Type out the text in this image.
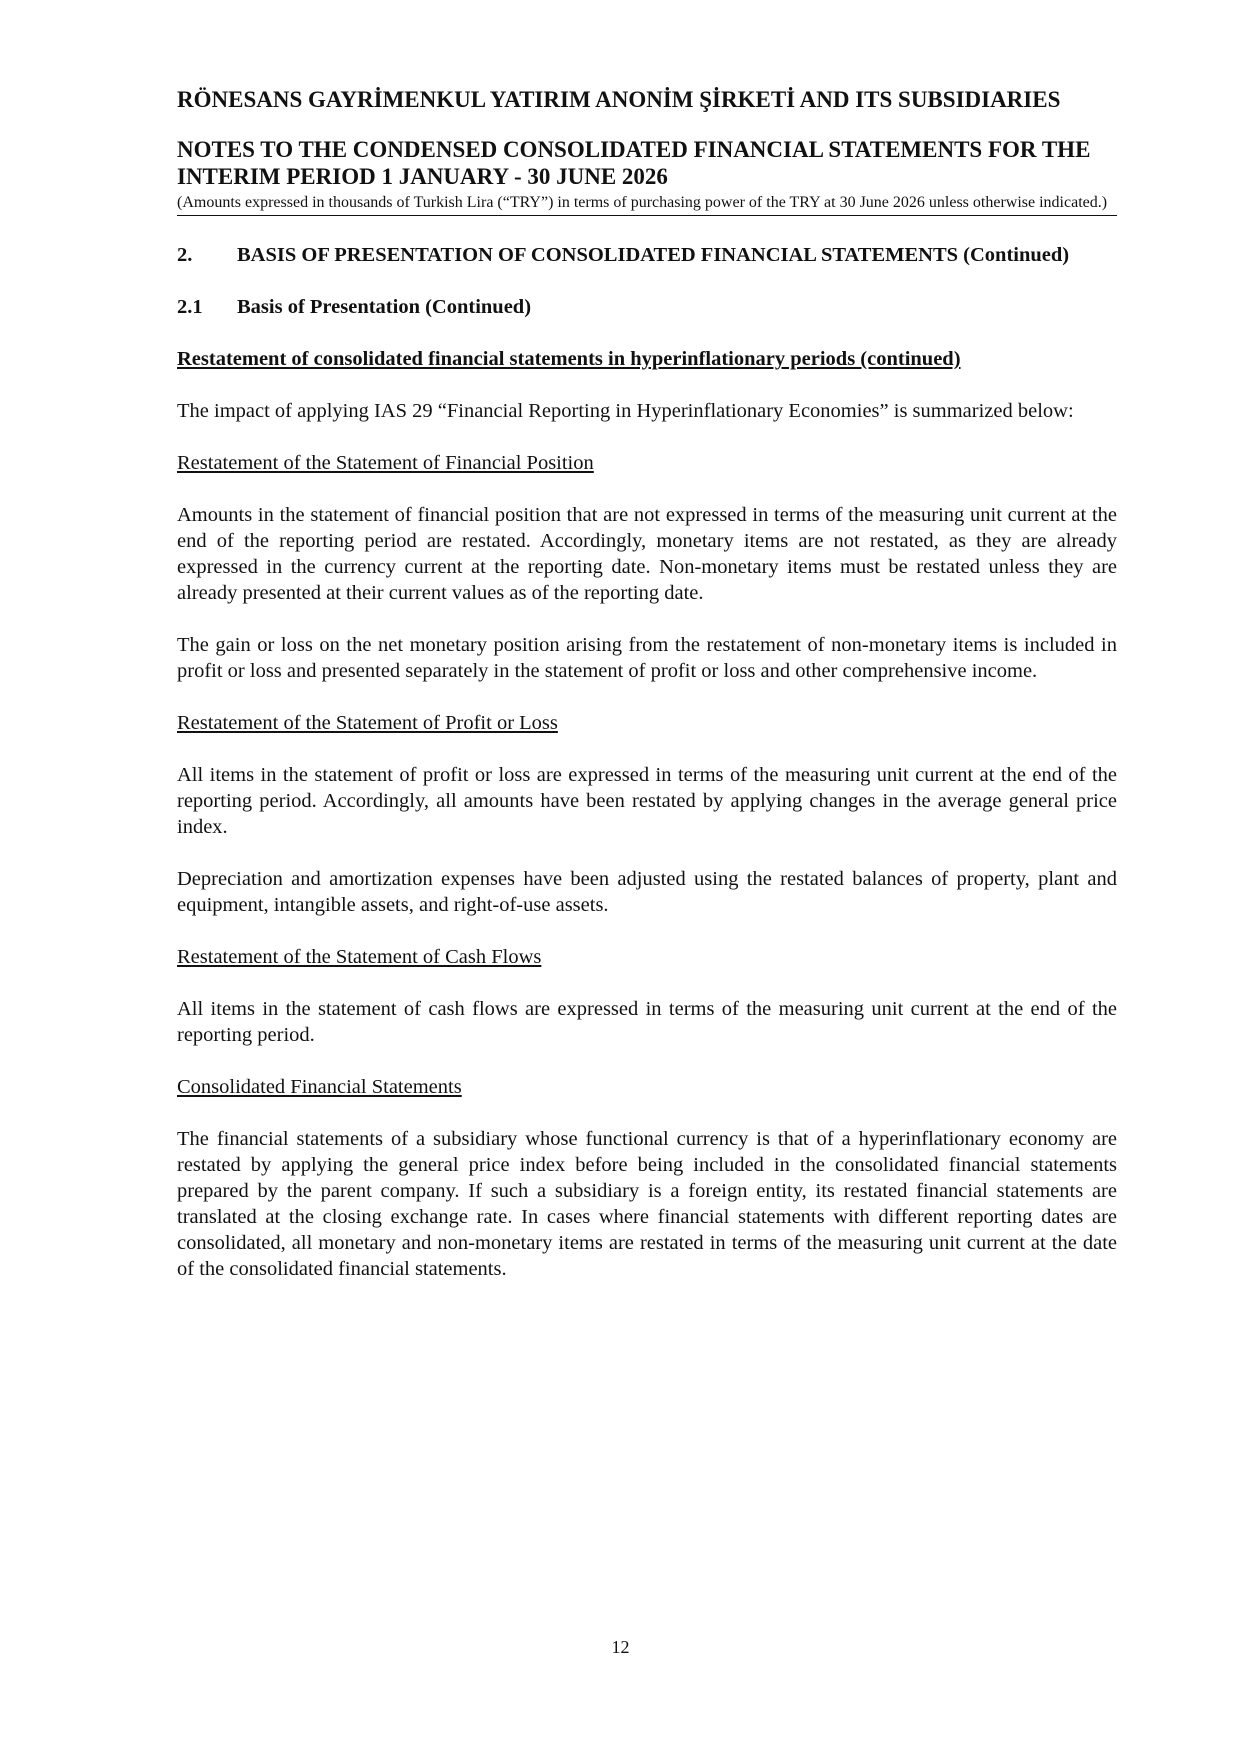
RÖNESANS GAYRİMENKUL YATIRIM ANONİM ŞİRKETİ AND ITS SUBSIDIARIES

NOTES TO THE CONDENSED CONSOLIDATED FINANCIAL STATEMENTS FOR THE INTERIM PERIOD 1 JANUARY - 30 JUNE 2026

(Amounts expressed in thousands of Turkish Lira (“TRY”) in terms of purchasing power of the TRY at 30 June 2026 unless otherwise indicated.)

2.	BASIS OF PRESENTATION OF CONSOLIDATED FINANCIAL STATEMENTS (Continued)
2.1	Basis of Presentation (Continued)

Restatement of consolidated financial statements in hyperinflationary periods (continued)

The impact of applying IAS 29 “Financial Reporting in Hyperinflationary Economies” is summarized below:

Restatement of the Statement of Financial Position

Amounts in the statement of financial position that are not expressed in terms of the measuring unit current at the end of the reporting period are restated. Accordingly, monetary items are not restated, as they are already expressed in the currency current at the reporting date. Non-monetary items must be restated unless they are already presented at their current values as of the reporting date.

The gain or loss on the net monetary position arising from the restatement of non-monetary items is included in profit or loss and presented separately in the statement of profit or loss and other comprehensive income.

Restatement of the Statement of Profit or Loss

All items in the statement of profit or loss are expressed in terms of the measuring unit current at the end of the reporting period. Accordingly, all amounts have been restated by applying changes in the average general price index.

Depreciation and amortization expenses have been adjusted using the restated balances of property, plant and equipment, intangible assets, and right-of-use assets.

Restatement of the Statement of Cash Flows

All items in the statement of cash flows are expressed in terms of the measuring unit current at the end of the reporting period.

Consolidated Financial Statements

The financial statements of a subsidiary whose functional currency is that of a hyperinflationary economy are restated by applying the general price index before being included in the consolidated financial statements prepared by the parent company. If such a subsidiary is a foreign entity, its restated financial statements are translated at the closing exchange rate. In cases where financial statements with different reporting dates are consolidated, all monetary and non-monetary items are restated in terms of the measuring unit current at the date of the consolidated financial statements.

12
